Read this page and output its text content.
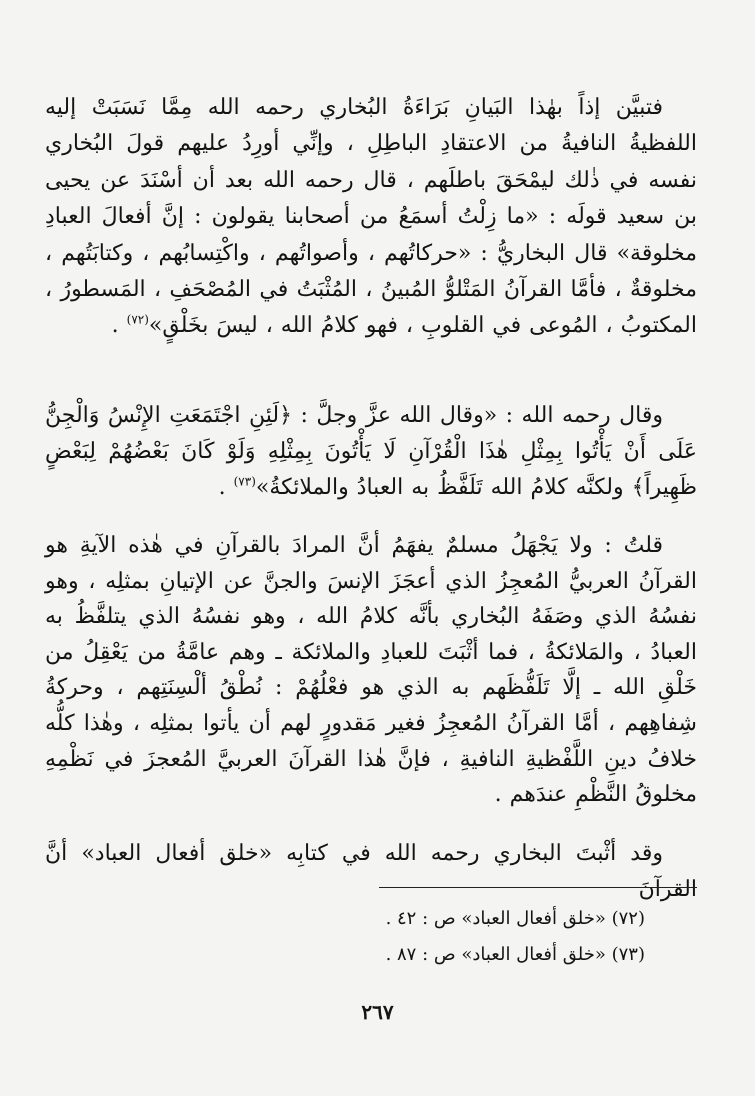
فتبيَّن إذاً بهٰذا البَيانِ بَرَاءَةُ البُخاري رحمه الله مِمَّا نَسَبَتْ إليه اللفظيةُ النافيةُ من الاعتقادِ الباطِلِ ، وإنِّي أورِدُ عليهم قولَ البُخاري نفسه في ذٰلك ليمْحَقَ باطلَهم ، قال رحمه الله بعد أن أسْنَدَ عن يحيى بن سعيد قولَه : «ما زِلْتُ أسمَعُ من أصحابنا يقولون : إنَّ أفعالَ العبادِ مخلوقة» قال البخاريُّ : «حركاتُهم ، وأصواتُهم ، واكْتِسابُهم ، وكتابَتُهم ، مخلوقةٌ ، فأمَّا القرآنُ المَتْلوُّ المُبينُ ، المُثْبَتُ في المُصْحَفِ ، المَسطورُ ، المكتوبُ ، المُوعى في القلوبِ ، فهو كلامُ الله ، ليسَ بخَلْقٍ»$^{(٧٢)}$ .

وقال رحمه الله : «وقال الله عزَّ وجلَّ : ﴿لَئِنِ اجْتَمَعَتِ الإِنْسُ وَالْجِنُّ عَلَى أَنْ يَأْتُوا بِمِثْلِ هٰذَا الْقُرْآنِ لَا يَأْتُونَ بِمِثْلِهِ وَلَوْ كَانَ بَعْضُهُمْ لِبَعْضٍ ظَهِيراً﴾ ولكنَّه كلامُ الله تَلَفَّظُ به العبادُ والملائكةُ»$^{(٧٣)}$ .

قلتُ : ولا يَجْهَلُ مسلمٌ يفهَمُ أنَّ المرادَ بالقرآنِ في هٰذه الآيةِ هو القرآنُ العربيُّ المُعجِزُ الذي أعجَزَ الإنسَ والجنَّ عن الإتيانِ بمثلِه ، وهو نفسُهُ الذي وصَفَهُ البُخاري بأنَّه كلامُ الله ، وهو نفسُهُ الذي يتلفَّظُ به العبادُ ، والمَلائكةُ ، فما أثْبَتَ للعبادِ والملائكة ـ وهم عامَّةُ من يَعْقِلُ من خَلْقِ الله ـ إلَّا تَلَفُّظَهم به الذي هو فعْلُهُمْ : نُطْقُ ألْسِنَتِهم ، وحركةُ شِفاهِهم ، أمَّا القرآنُ المُعجِزُ فغير مَقدورٍ لهم أن يأتوا بمثلِه ، وهٰذا كلُّه خلافُ دينِ اللَّفْظيةِ النافيةِ ، فإنَّ هٰذا القرآنَ العربيَّ المُعجزَ في نَظْمِهِ مخلوقُ النَّظْمِ عندَهم .

وقد أثْبتَ البخاري رحمه الله في كتابِه «خلق أفعال العباد» أنَّ القرآنَ

(٧٢) «خلق أفعال العباد» ص : ٤٢ .

(٧٣) «خلق أفعال العباد» ص : ٨٧ .

٢٦٧
